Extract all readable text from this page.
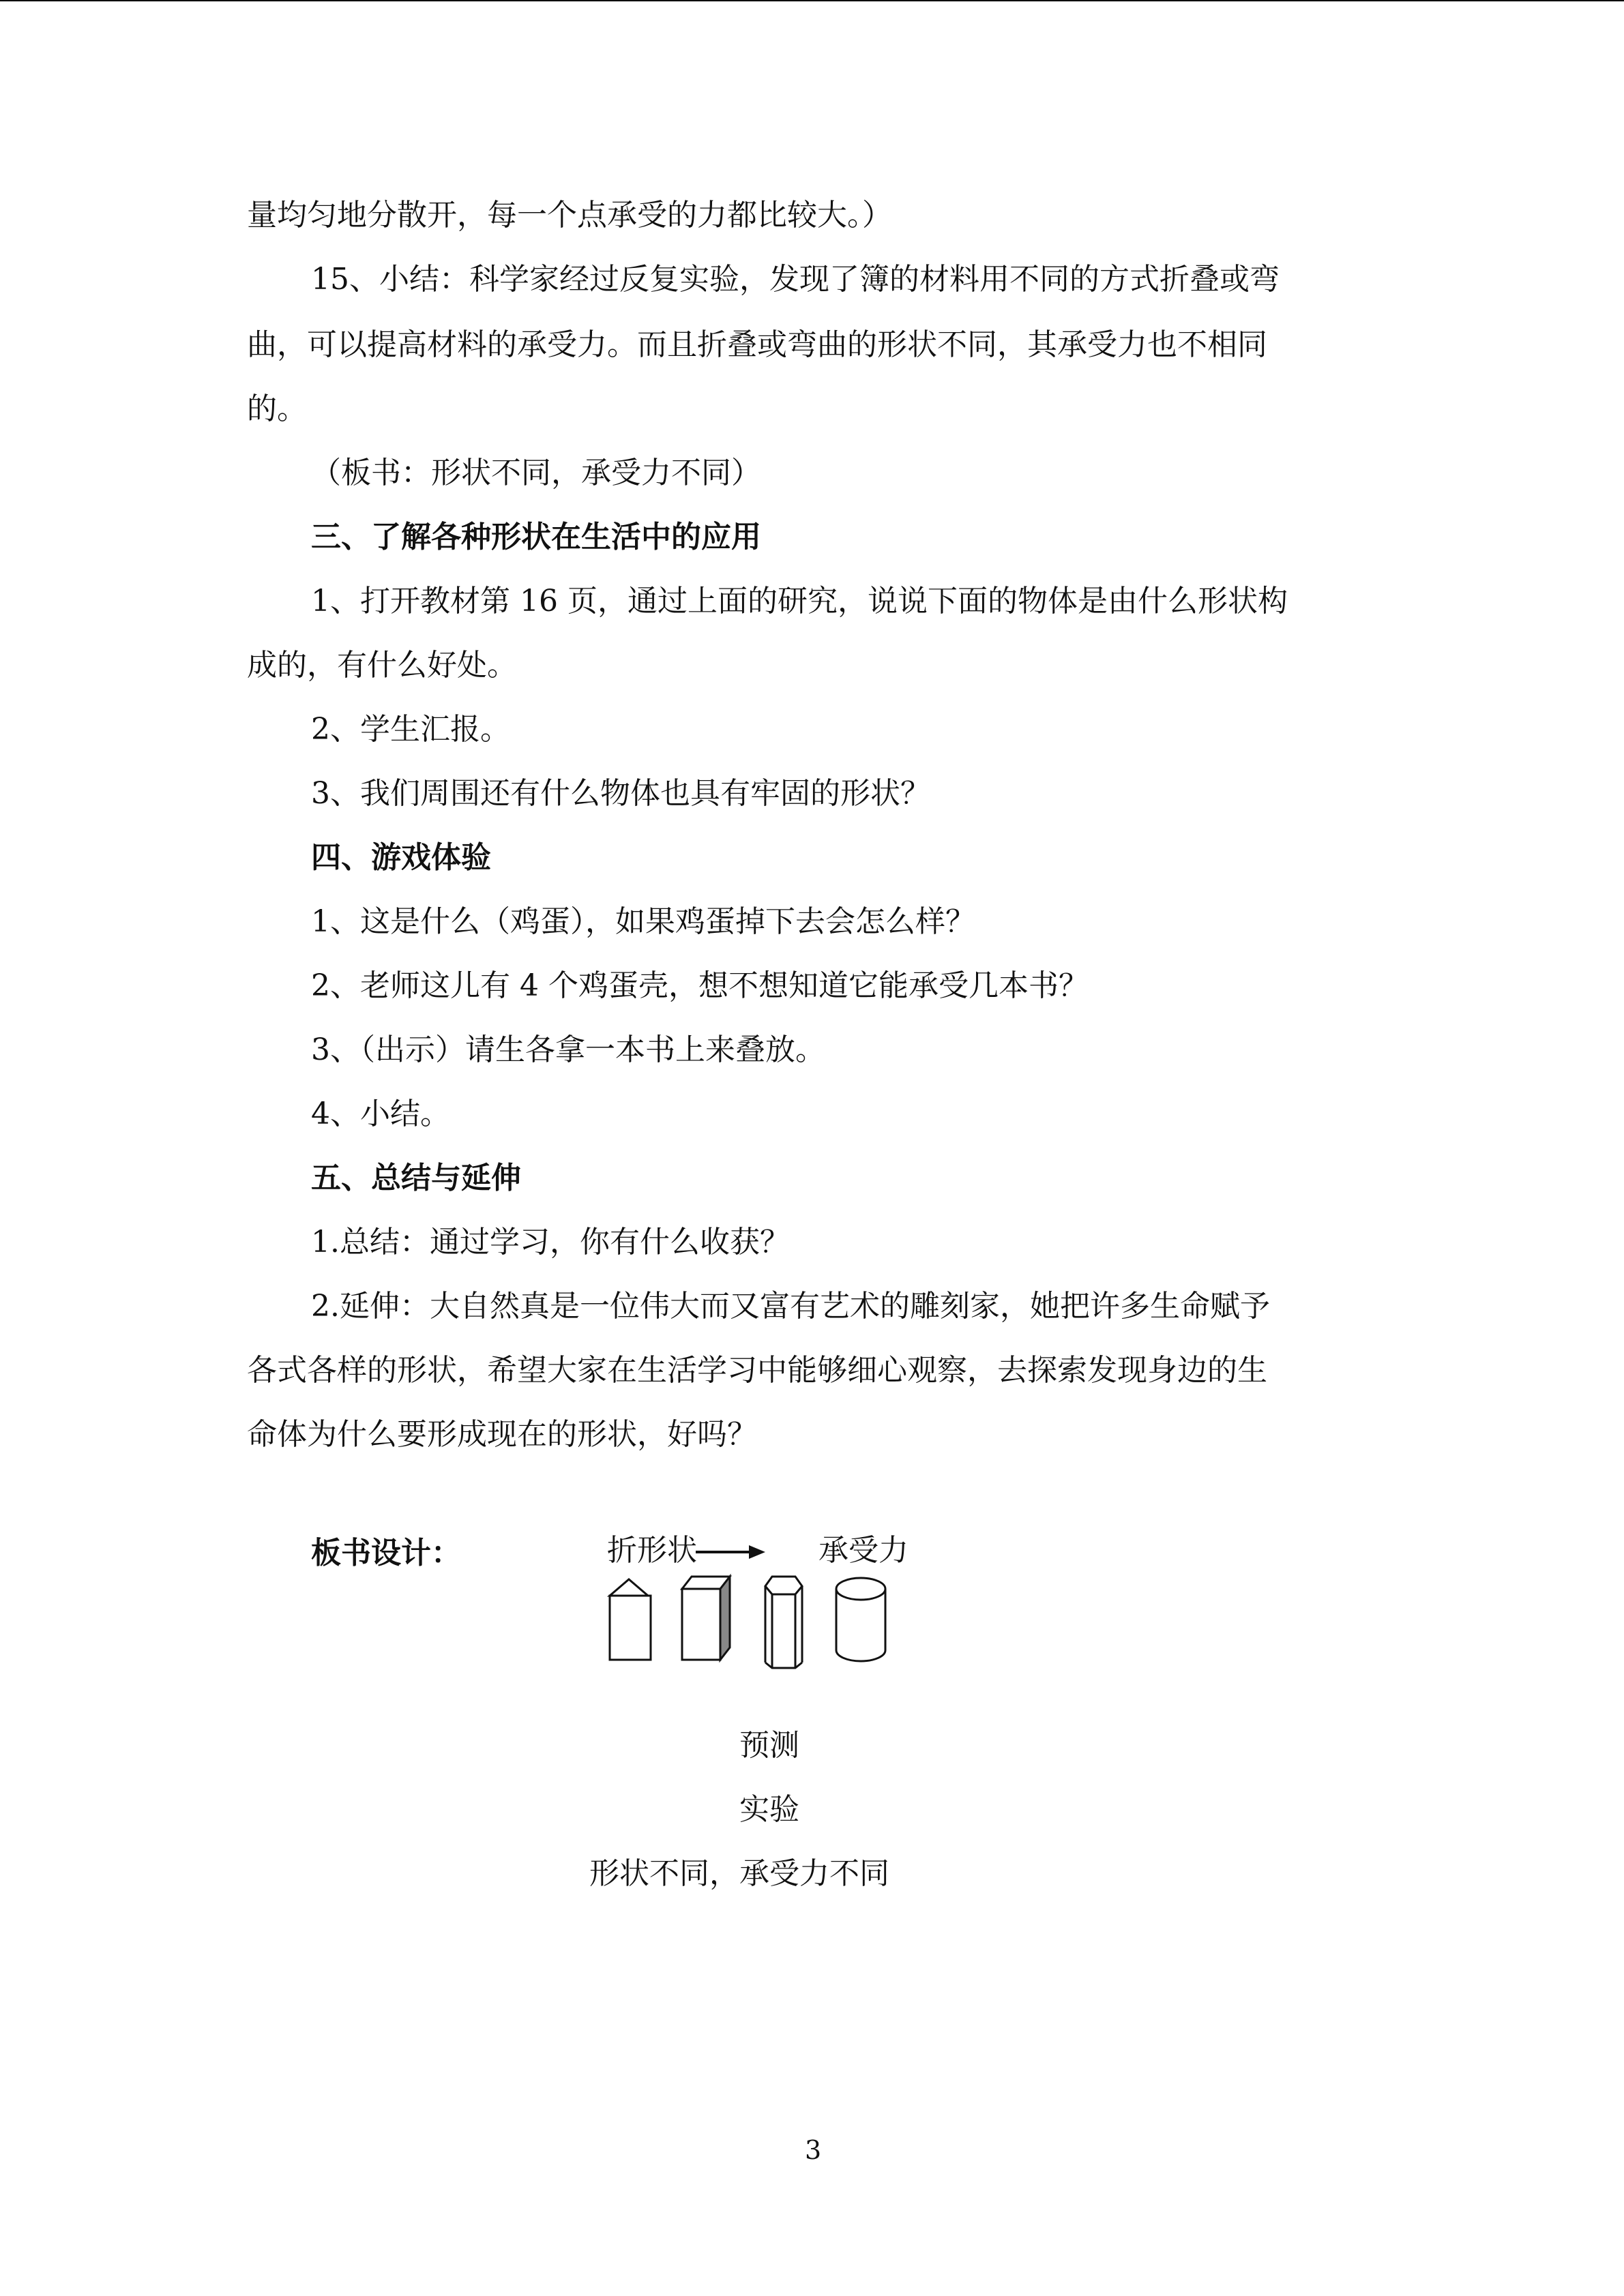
量均匀地分散开，每一个点承受的力都比较大。）
15、小结：科学家经过反复实验，发现了簿的材料用不同的方式折叠或弯
曲，可以提高材料的承受力。而且折叠或弯曲的形状不同，其承受力也不相同
的。
（板书：形状不同，承受力不同）
三、了解各种形状在生活中的应用
1、打开教材第 16 页，通过上面的研究，说说下面的物体是由什么形状构
成的，有什么好处。
2、学生汇报。
3、我们周围还有什么物体也具有牢固的形状？
四、游戏体验
1、这是什么（鸡蛋），如果鸡蛋掉下去会怎么样？
2、老师这儿有 4 个鸡蛋壳，想不想知道它能承受几本书？
3、（出示）请生各拿一本书上来叠放。
4、小结。
五、总结与延伸
1.总结：通过学习，你有什么收获？
2.延伸：大自然真是一位伟大而又富有艺术的雕刻家，她把许多生命赋予
各式各样的形状，希望大家在生活学习中能够细心观察，去探索发现身边的生
命体为什么要形成现在的形状，好吗？
板书设计：	折形状	承受力
预测
实验
形状不同，承受力不同
3
